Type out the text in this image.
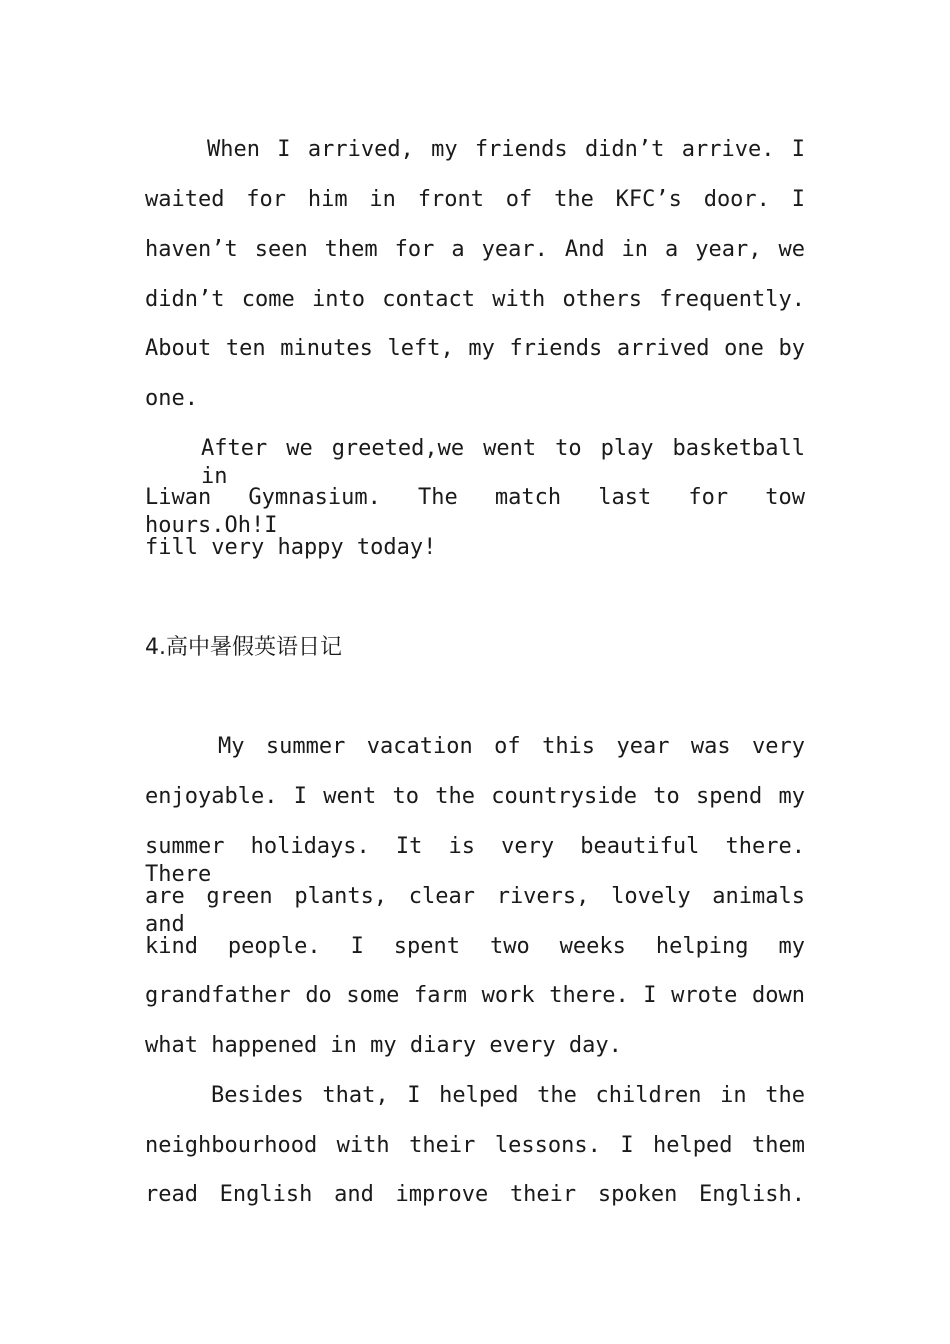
When I arrived, my friends didn’t arrive. I
waited for him in front of the KFC’s door. I
haven’t seen them for a year. And in a year, we
didn’t come into contact with others frequently.
About ten minutes left, my friends arrived one by
one.
After we greeted,we went to play basketball in
Liwan Gymnasium. The match last for tow hours.Oh!I
fill very happy today!
4.高中暑假英语日记
My summer vacation of this year was very
enjoyable. I went to the countryside to spend my
summer holidays. It is very beautiful there. There
are green plants, clear rivers, lovely animals and
kind people. I spent two weeks helping my
grandfather do some farm work there. I wrote down
what happened in my diary every day.
Besides that, I helped the children in the
neighbourhood with their lessons. I helped them
read English and improve their spoken English.
